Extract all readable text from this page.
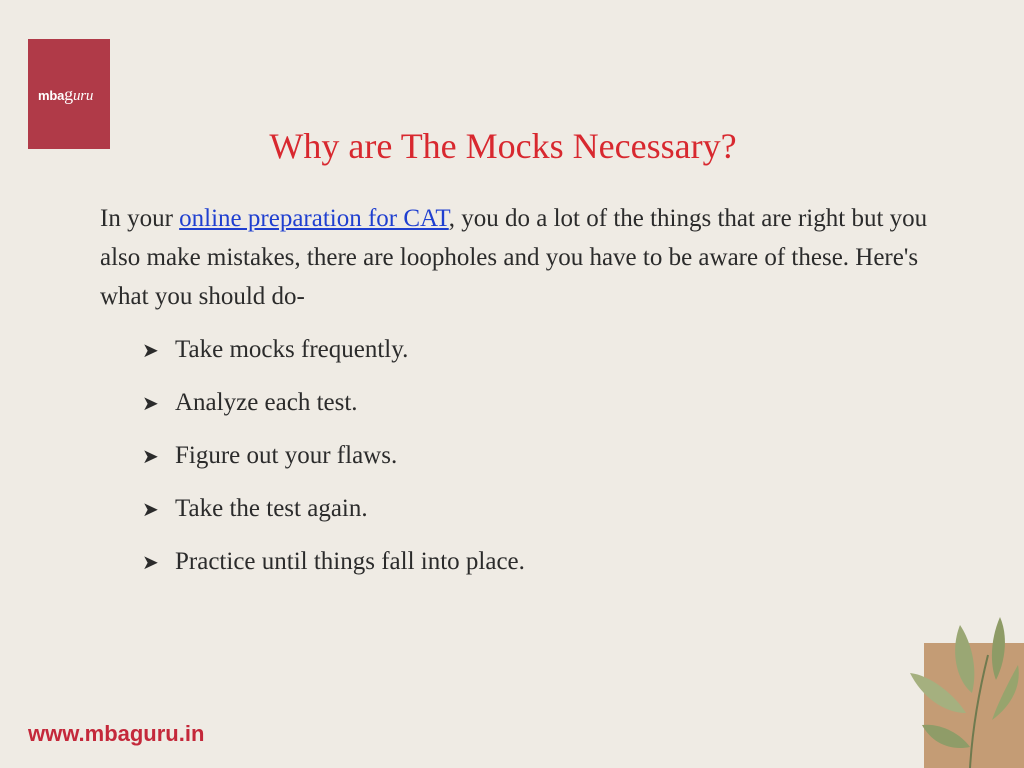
mbaguru
Why are The Mocks Necessary?

In your online preparation for CAT, you do a lot of the things that are right but you also make mistakes, there are loopholes and you have to be aware of these. Here's what you should do-

➤ Take mocks frequently.
➤ Analyze each test.
➤ Figure out your flaws.
➤ Take the test again.
➤ Practice until things fall into place.
www.mbaguru.in
